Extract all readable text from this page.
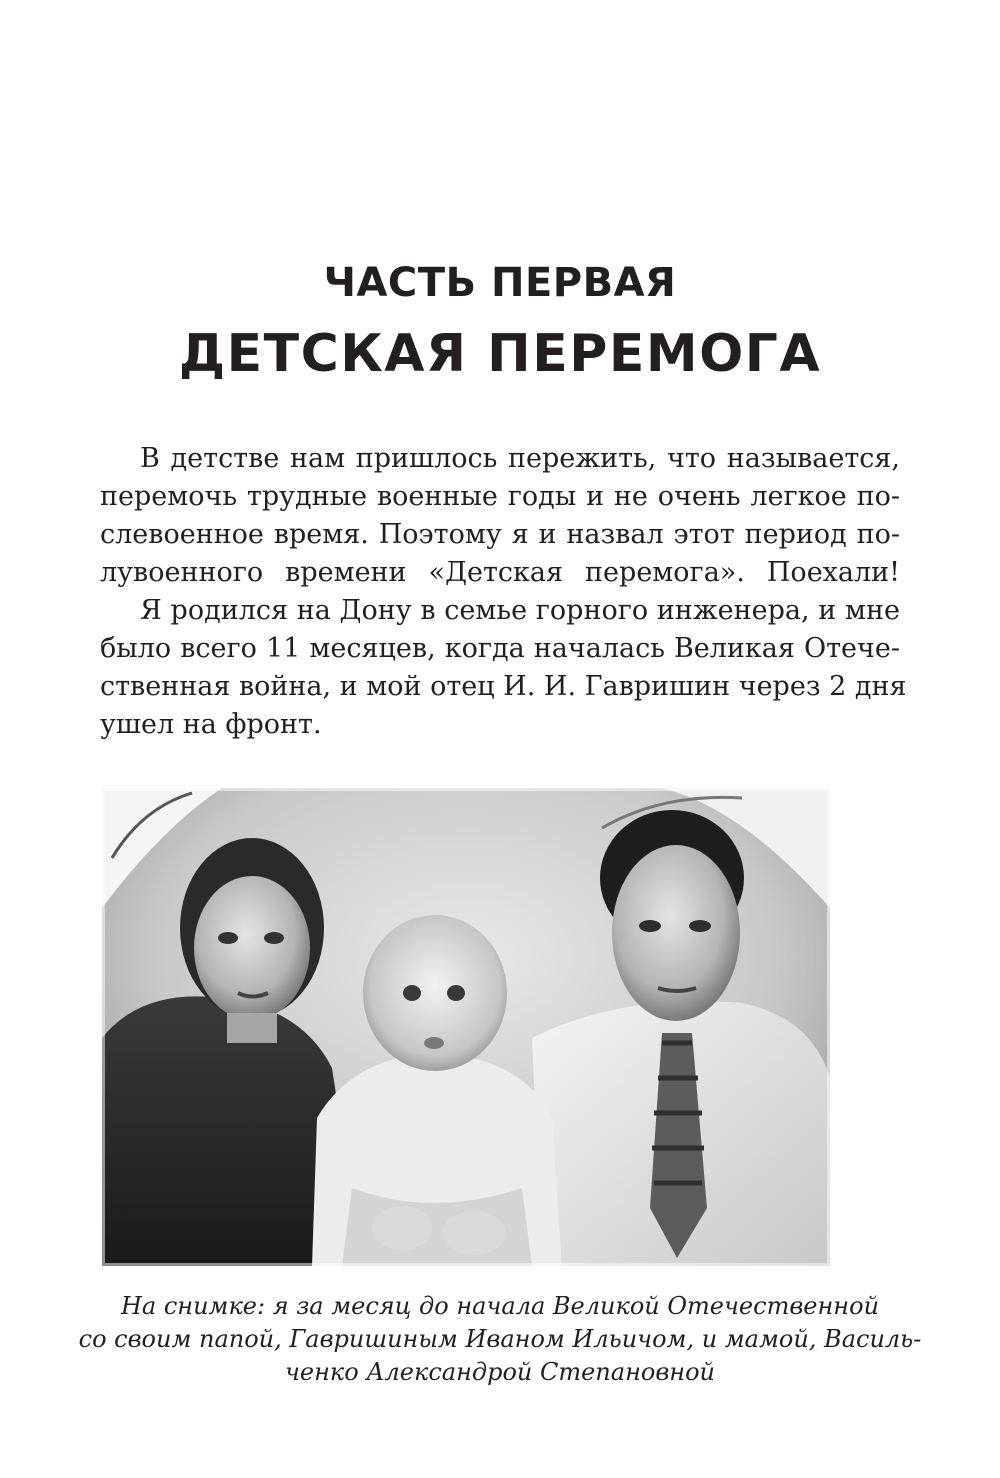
ЧАСТЬ ПЕРВАЯ
ДЕТСКАЯ ПЕРЕМОГА

В детстве нам пришлось пережить, что называется,
перемочь трудные военные годы и не очень легкое по-
слевоенное время. Поэтому я и назвал этот период по-
лувоенного времени «Детская перемога». Поехали!

Я родился на Дону в семье горного инженера, и мне
было всего 11 месяцев, когда началась Великая Отече-
ственная война, и мой отец И. И. Гавришин через 2 дня
ушел на фронт.

На снимке: я за месяц до начала Великой Отечественной
со своим папой, Гавришиным Иваном Ильичом, и мамой, Василь-
ченко Александрой Степановной
